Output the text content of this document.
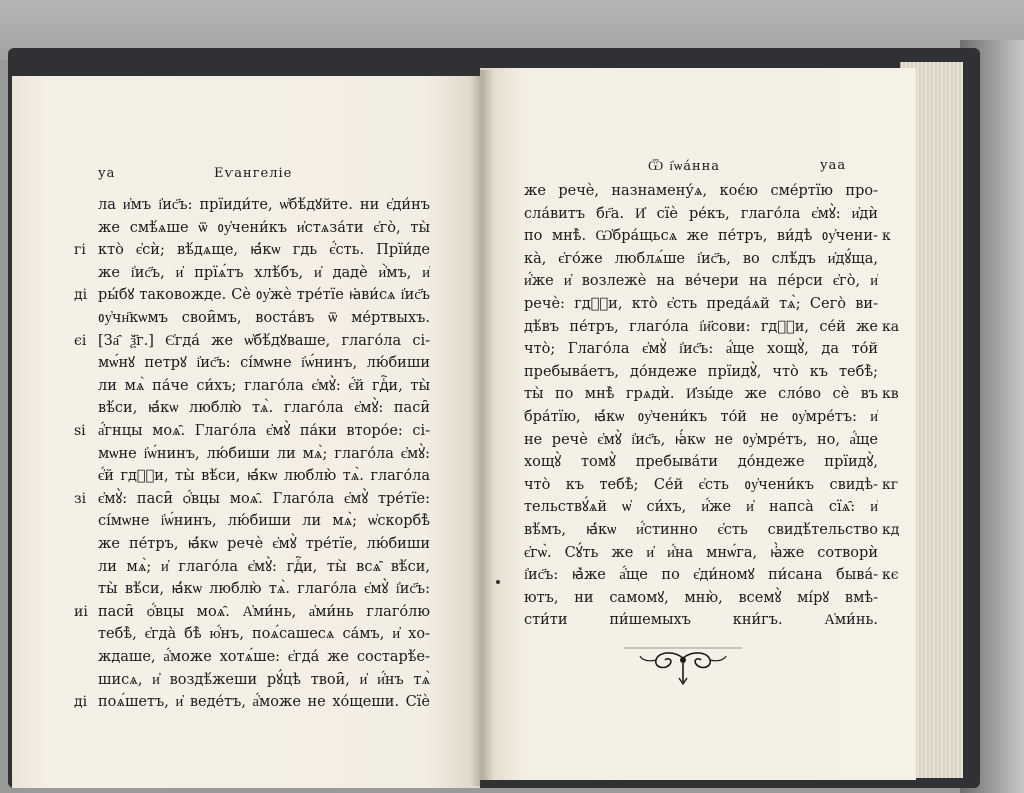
уа	Еѵангеліе
ла и҆мъ і҆ис҃ъ: прїиди́те, ѡ҆бѣ́дꙋйте. ни є҆ди́нъ
же смѣ́ѧше ѿ ᲂу҆чени́къ и҆стѧза́ти є҆го̀, ты̀
кто̀ є҆сѝ; вѣ́дѧще, ꙗ҆́кѡ гдь є҆́сть. Прїи́де
же і҆ис҃ъ, и҆ прїѧ́тъ хлѣ́бъ, и҆ дадѐ и҆̀мъ, и҆
ры́бꙋ таковожде. Сѐ ᲂу҆жѐ тре́тїе ꙗ҆ви́сѧ і҆ис҃ъ
ᲂу҆чн҃кѡмъ свои̑мъ, воста́въ ѿ ме́ртвыхъ.
[За҄ ѯ҃г.] Є҆гда́ же ѡ҆бѣ́дꙋваше, глаго́ла сі-
мѡ́нꙋ петрꙋ і҆ис҃ъ: сі́мѡне і҆ѡ́нинъ, лю́биши
ли мѧ̀ па́че си́хъ; глаго́ла є҆мꙋ̀: є҆́й гдⷭ҇и, ты̀
вѣ́си, ꙗ҆́кѡ люблю̀ тѧ̀. глаго́ла є҆мꙋ̀: паси̑
а҆́гнцы моѧ̑. Глаго́ла є҆мꙋ̀ па́ки второ́е: сі-
мѡне і҆ѡ́нинъ, лю́биши ли мѧ̀; глаго́ла є҆мꙋ̀:
є҆́й гдⷭ҇и, ты̀ вѣ́си, ꙗ҆́кѡ люблю̀ тѧ̀. глаго́ла
є҆мꙋ̀: паси̑ ѻ҆́вцы моѧ̑. Глаго́ла є҆мꙋ̀ тре́тїе:
сі́мѡне і҆ѡ́нинъ, лю́биши ли мѧ̀; ѡ҆скорбѣ̀
же пе́тръ, ꙗ҆́кѡ речѐ є҆мꙋ̀ тре́тїе, лю́биши
ли мѧ̀; и҆ глаго́ла є҆мꙋ̀: гдⷭ҇и, ты̀ всѧ̑ вѣ́си,
ты̀ вѣ́си, ꙗ҆́кѡ люблю̀ тѧ̀. глаго́ла є҆мꙋ̀ і҆ис҃ъ:
паси̑ ѻ҆́вцы моѧ̑. А҆ми́нь, а҆ми́нь глаго́лю
тебѣ̀, є҆гда̀ бѣ̀ ю҆́нъ, поѧ́сашесѧ са́мъ, и҆ хо-
ждаше, а҆́може хотѧ́ше: є҆гда́ же состарѣ́е-
шисѧ, и҆ воздѣ́жеши рꙋ́цѣ твои̑, и҆ и҆́нъ тѧ̀
поѧ́шетъ, и҆ веде́тъ, а҆́може не хо́щеши. Сїѐ
гі
ді
єі
ѕі
зі
иі
ді
Ѿ і҆ѡа́нна	уаа
же речѐ, назнамену́ѧ, коє́ю сме́ртїю про-
сла́витъ бг҃а. И҆ сїѐ ре́къ, глаго́ла є҆мꙋ̀: и҆дѝ
по мнѣ̀. Ѡ҆бра́щьсѧ же пе́тръ, ви́дѣ ᲂу҆чени-
ка̀, є҆го́же люблѧ́ше і҆ис҃ъ, во слѣ́дъ и҆дꙋ́ща,
и҆́же и҆ возлежѐ на ве́чери на пе́рси є҆го̀, и҆
речѐ: гдⷭ҇и, кто̀ є҆сть преда́ѧй тѧ̀; Сего̀ ви-
дѣ́въ пе́тръ, глаго́ла і҆и҃сови: гдⷭ҇и, се́й же
что̀; Глаго́ла є҆мꙋ̀ і҆ис҃ъ: а҆́ще хощꙋ̀, да то́й
пребыва́етъ, до́ндеже прїидꙋ̀, что̀ къ тебѣ̀;
ты̀ по мнѣ̀ грѧдѝ. И҆зы́де же сло́во сѐ въ
бра́тїю, ꙗ҆́кѡ ᲂу҆чени́къ то́й не ᲂу҆мре́тъ: и҆
не речѐ є҆мꙋ̀ і҆ис҃ъ, ꙗ҆́кѡ не ᲂу҆мре́тъ, но, а҆́ще
хощꙋ̀ томꙋ̀ пребыва́ти до́ндеже прїидꙋ̀,
что̀ къ тебѣ̀; Се́й є҆сть ᲂу҆чени́къ свидѣ-
тельствꙋ́ѧй ѡ҆ си́хъ, и҆́же и҆ напса̀ сїѧ̑: и҆
вѣ́мъ, ꙗ҆́кѡ и҆́стинно є҆сть свидѣ́тельство
є҆гѡ̀. Сꙋ́ть же и҆ и҆́на мнѡ́га, ꙗ҆̀же сотворѝ
і҆ис҃ъ: ꙗ҆̀же а҆́ще по є҆ди́номꙋ пи́сана быва́-
ютъ, ни самомꙋ, мню̀, всемꙋ̀ мі́рꙋ вмѣ-
сти́ти пи́шемыхъ кни́гъ. А҆ми́нь.
к
ка
кв
кг
кд
кє
